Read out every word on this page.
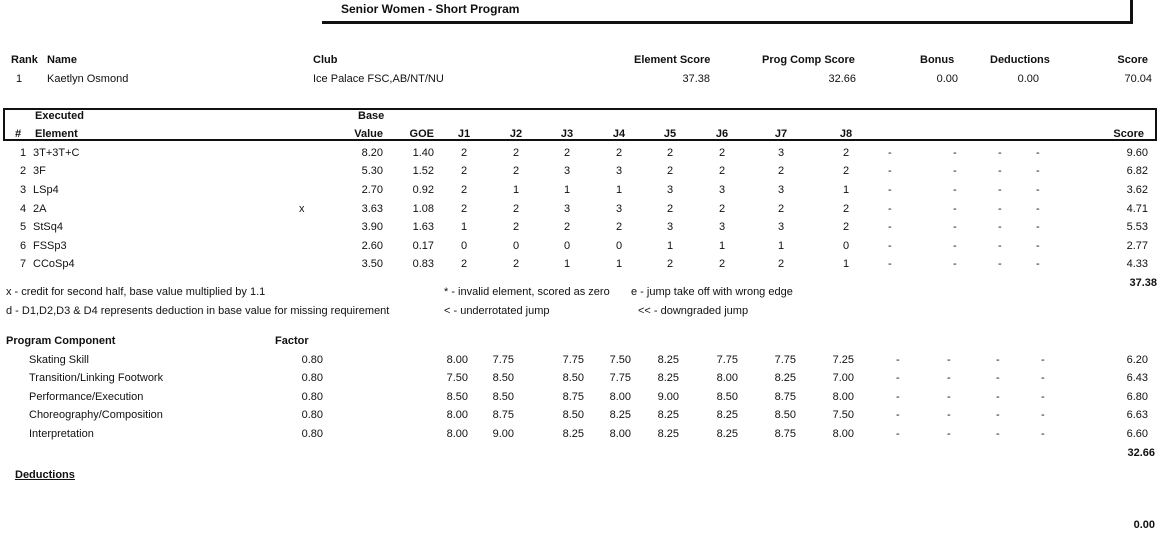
Senior Women - Short Program
Rank Name	Club	Element Score	Prog Comp Score	Bonus	Deductions	Score
1 Kaetlyn Osmond	Ice Palace FSC,AB/NT/NU	37.38	32.66	0.00	0.00	70.04
Executed	Base
# Element	Value	GOE	J1	J2	J3	J4	J5	J6	J7	J8	Score
1 3T+3T+C	8.20	1.40	2	2	2	2	2	2	3	2	-	-	-	-	9.60
2 3F	5.30	1.52	2	2	3	3	2	2	2	2	-	-	-	-	6.82
3 LSp4	2.70	0.92	2	1	1	1	3	3	3	1	-	-	-	-	3.62
4 2A	x	3.63	1.08	2	2	3	3	2	2	2	2	-	-	-	-	4.71
5 StSq4	3.90	1.63	1	2	2	2	3	3	3	2	-	-	-	-	5.53
6 FSSp3	2.60	0.17	0	0	0	0	1	1	1	0	-	-	-	-	2.77
7 CCoSp4	3.50	0.83	2	2	1	1	2	2	2	1	-	-	-	-	4.33
37.38
x - credit for second half, base value multiplied by 1.1	* - invalid element, scored as zero e - jump take off with wrong edge
d - D1,D2,D3 & D4 represents deduction in base value for missing requirement	< - underrotated jump	<< - downgraded jump
Program Component	Factor
Skating Skill	0.80	8.00	7.75	7.75	7.50	8.25	7.75	7.75	7.25	-	-	-	-	6.20
Transition/Linking Footwork	0.80	7.50	8.50	8.50	7.75	8.25	8.00	8.25	7.00	-	-	-	-	6.43
Performance/Execution	0.80	8.50	8.50	8.75	8.00	9.00	8.50	8.75	8.00	-	-	-	-	6.80
Choreography/Composition	0.80	8.00	8.75	8.50	8.25	8.25	8.25	8.50	7.50	-	-	-	-	6.63
Interpretation	0.80	8.00	9.00	8.25	8.00	8.25	8.25	8.75	8.00	-	-	-	-	6.60
32.66
Deductions
0.00
